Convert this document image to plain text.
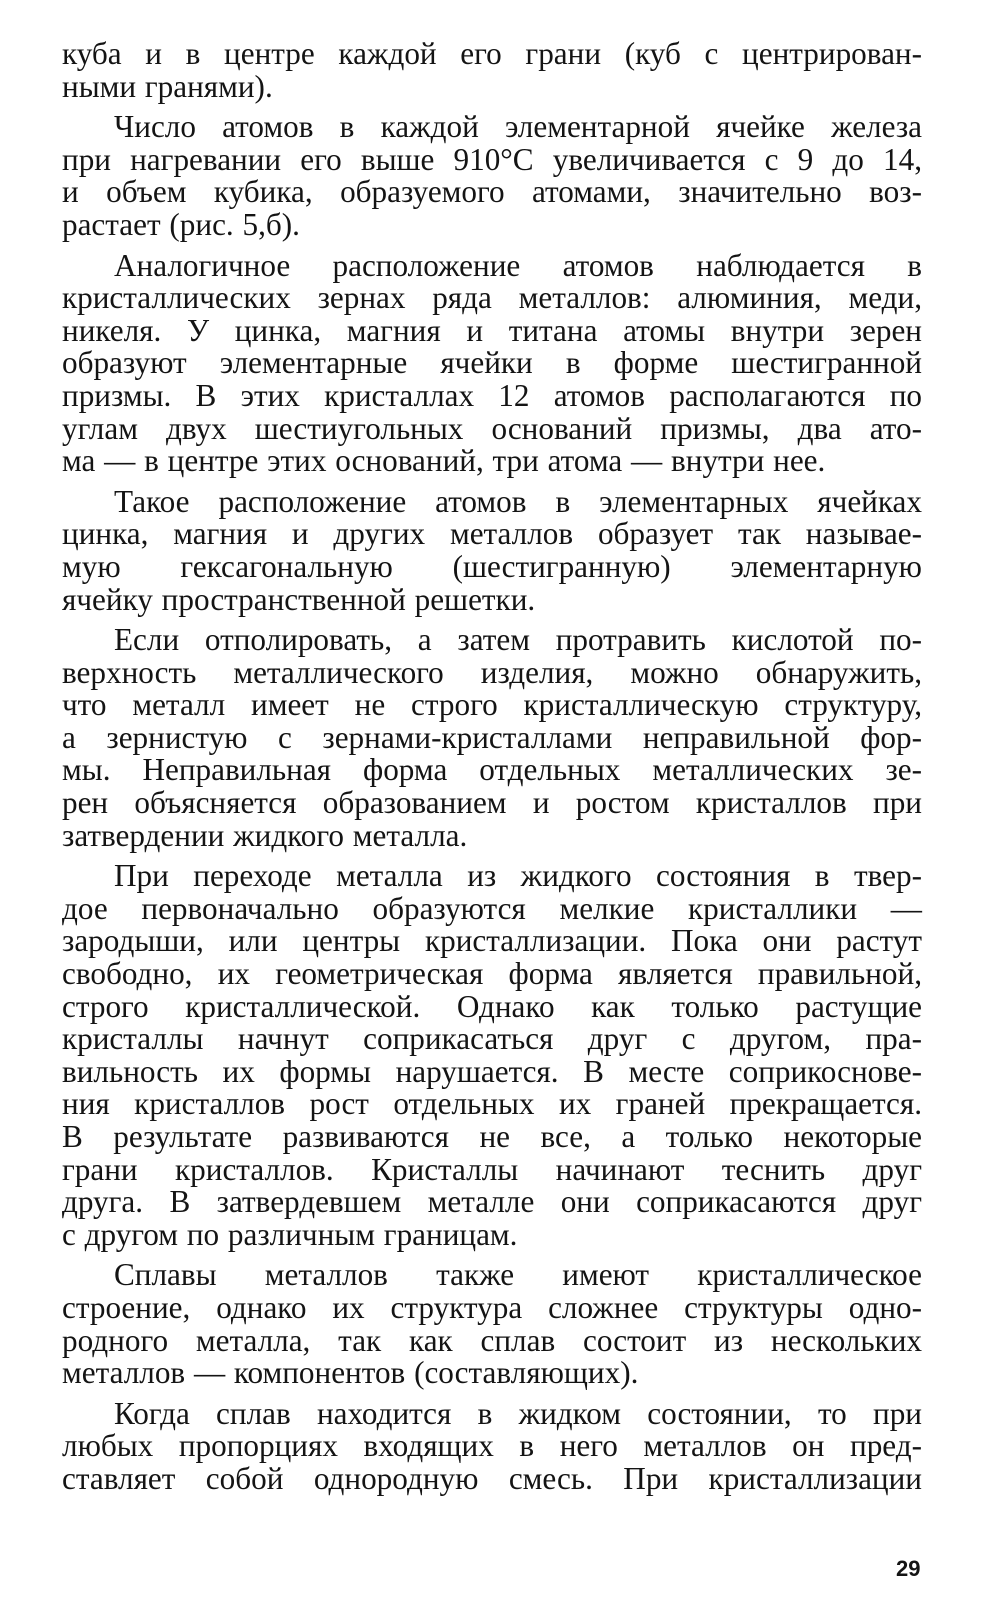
куба и в центре каждой его грани (куб с центрирован-
ными гранями).
Число атомов в каждой элементарной ячейке железа
при нагревании его выше 910°С увеличивается с 9 до 14,
и объем кубика, образуемого атомами, значительно воз-
растает (рис. 5,б).
Аналогичное расположение атомов наблюдается в
кристаллических зернах ряда металлов: алюминия, меди,
никеля. У цинка, магния и титана атомы внутри зерен
образуют элементарные ячейки в форме шестигранной
призмы. В этих кристаллах 12 атомов располагаются по
углам двух шестиугольных оснований призмы, два ато-
ма — в центре этих оснований, три атома — внутри нее.
Такое расположение атомов в элементарных ячейках
цинка, магния и других металлов образует так называе-
мую гексагональную (шестигранную) элементарную
ячейку пространственной решетки.
Если отполировать, а затем протравить кислотой по-
верхность металлического изделия, можно обнаружить,
что металл имеет не строго кристаллическую структуру,
а зернистую с зернами-кристаллами неправильной фор-
мы. Неправильная форма отдельных металлических зе-
рен объясняется образованием и ростом кристаллов при
затвердении жидкого металла.
При переходе металла из жидкого состояния в твер-
дое первоначально образуются мелкие кристаллики —
зародыши, или центры кристаллизации. Пока они растут
свободно, их геометрическая форма является правильной,
строго кристаллической. Однако как только растущие
кристаллы начнут соприкасаться друг с другом, пра-
вильность их формы нарушается. В месте соприкоснове-
ния кристаллов рост отдельных их граней прекращается.
В результате развиваются не все, а только некоторые
грани кристаллов. Кристаллы начинают теснить друг
друга. В затвердевшем металле они соприкасаются друг
с другом по различным границам.
Сплавы металлов также имеют кристаллическое
строение, однако их структура сложнее структуры одно-
родного металла, так как сплав состоит из нескольких
металлов — компонентов (составляющих).
Когда сплав находится в жидком состоянии, то при
любых пропорциях входящих в него металлов он пред-
ставляет собой однородную смесь. При кристаллизации
29
